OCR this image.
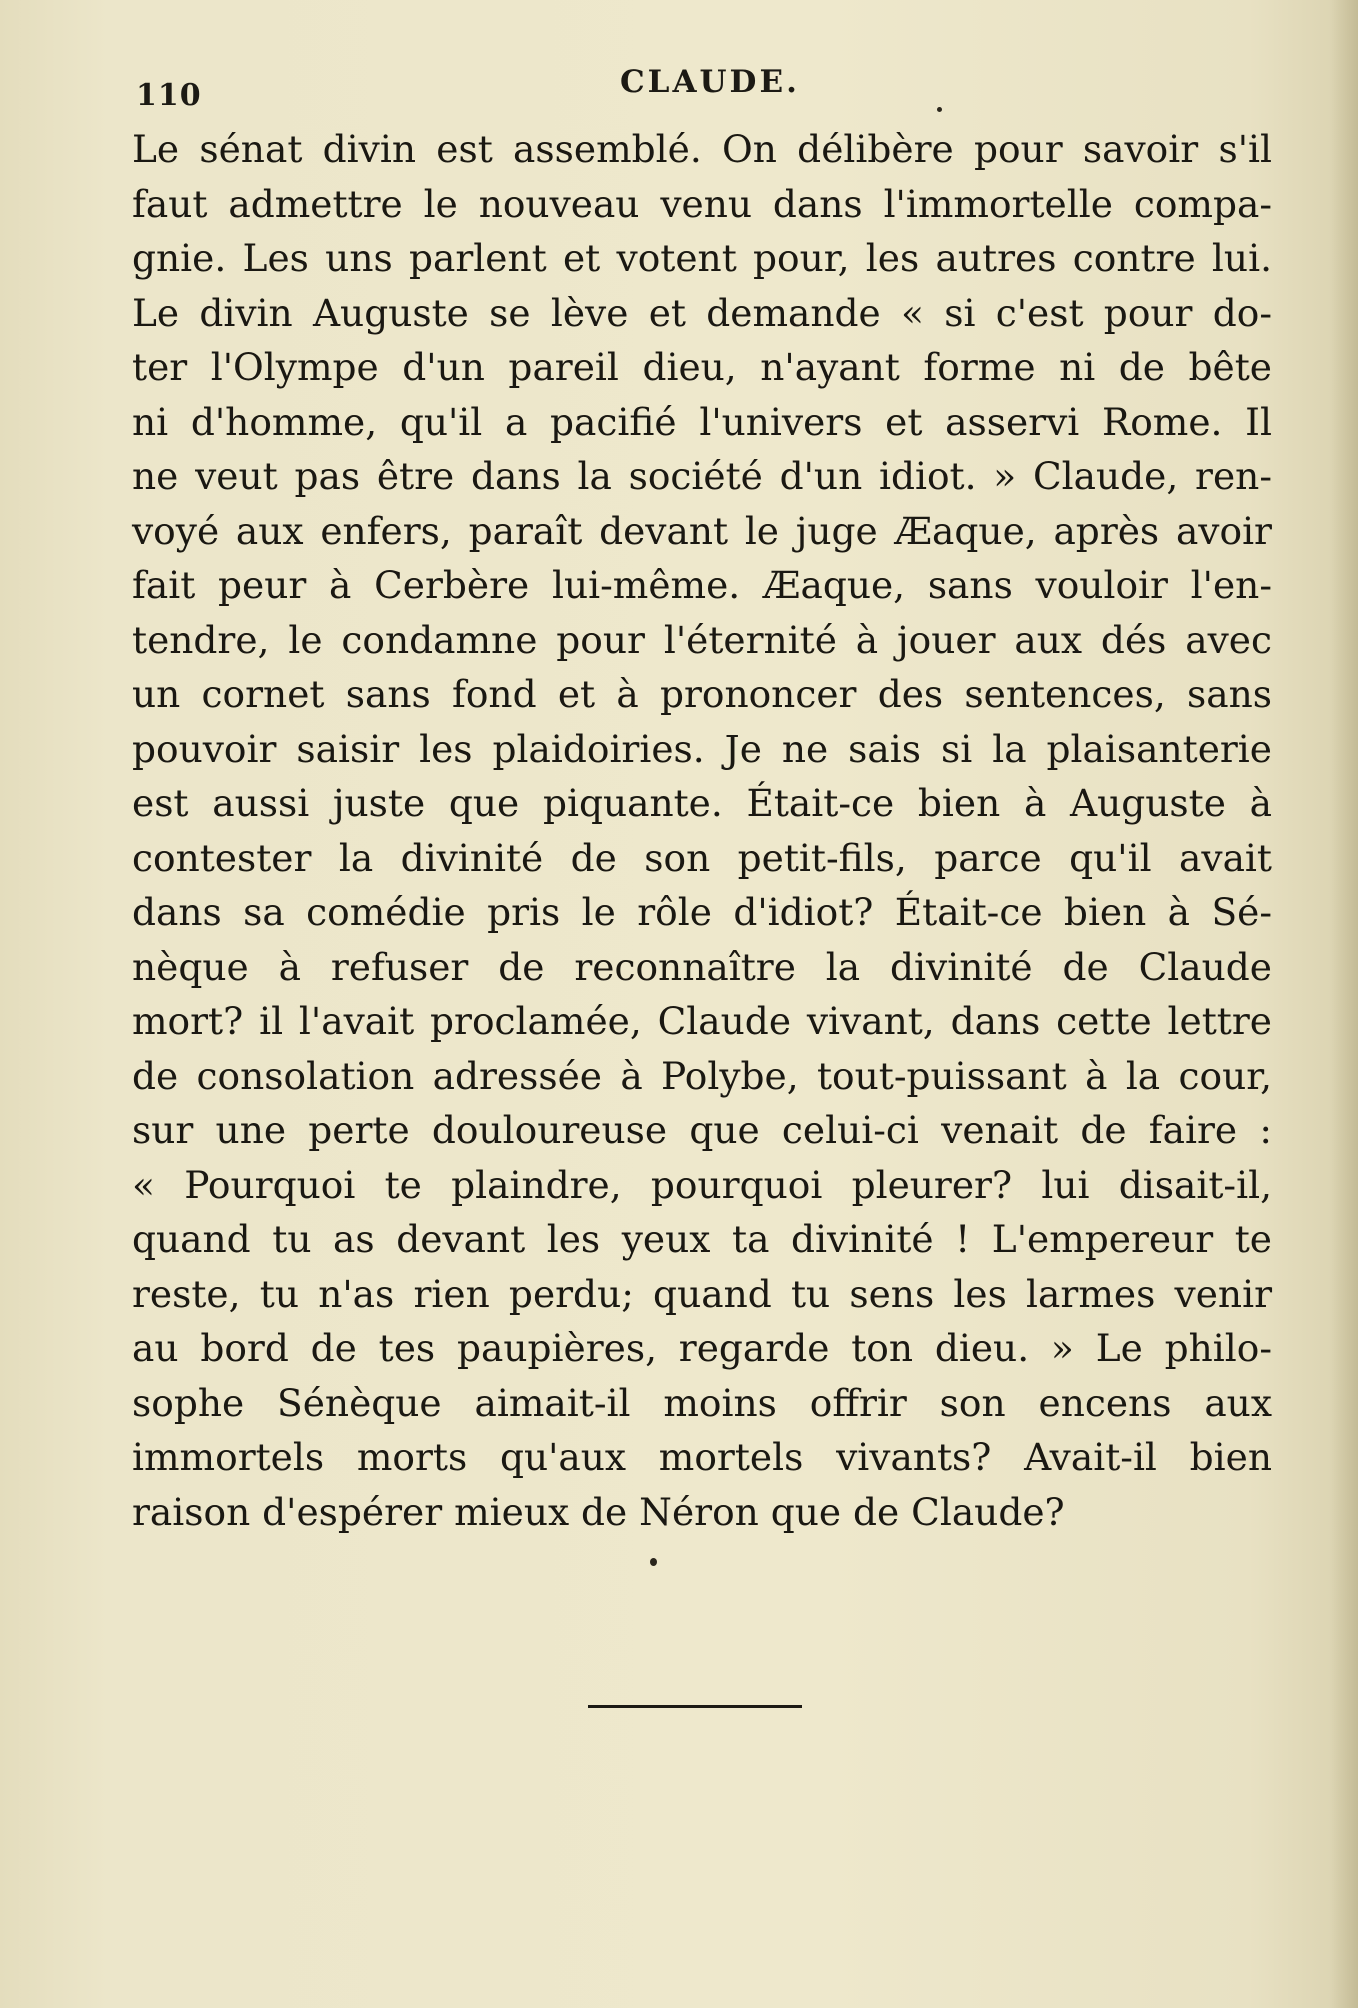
110	CLAUDE.
Le sénat divin est assemblé. On délibère pour savoir s'il
faut admettre le nouveau venu dans l'immortelle compa-
gnie. Les uns parlent et votent pour, les autres contre lui.
Le divin Auguste se lève et demande « si c'est pour do-
ter l'Olympe d'un pareil dieu, n'ayant forme ni de bête
ni d'homme, qu'il a pacifié l'univers et asservi Rome. Il
ne veut pas être dans la société d'un idiot. » Claude, ren-
voyé aux enfers, paraît devant le juge Æaque, après avoir
fait peur à Cerbère lui-même. Æaque, sans vouloir l'en-
tendre, le condamne pour l'éternité à jouer aux dés avec
un cornet sans fond et à prononcer des sentences, sans
pouvoir saisir les plaidoiries. Je ne sais si la plaisanterie
est aussi juste que piquante. Était-ce bien à Auguste à
contester la divinité de son petit-fils, parce qu'il avait
dans sa comédie pris le rôle d'idiot? Était-ce bien à Sé-
nèque à refuser de reconnaître la divinité de Claude
mort? il l'avait proclamée, Claude vivant, dans cette lettre
de consolation adressée à Polybe, tout-puissant à la cour,
sur une perte douloureuse que celui-ci venait de faire :
« Pourquoi te plaindre, pourquoi pleurer? lui disait-il,
quand tu as devant les yeux ta divinité ! L'empereur te
reste, tu n'as rien perdu; quand tu sens les larmes venir
au bord de tes paupières, regarde ton dieu. » Le philo-
sophe Sénèque aimait-il moins offrir son encens aux
immortels morts qu'aux mortels vivants? Avait-il bien
raison d'espérer mieux de Néron que de Claude?
